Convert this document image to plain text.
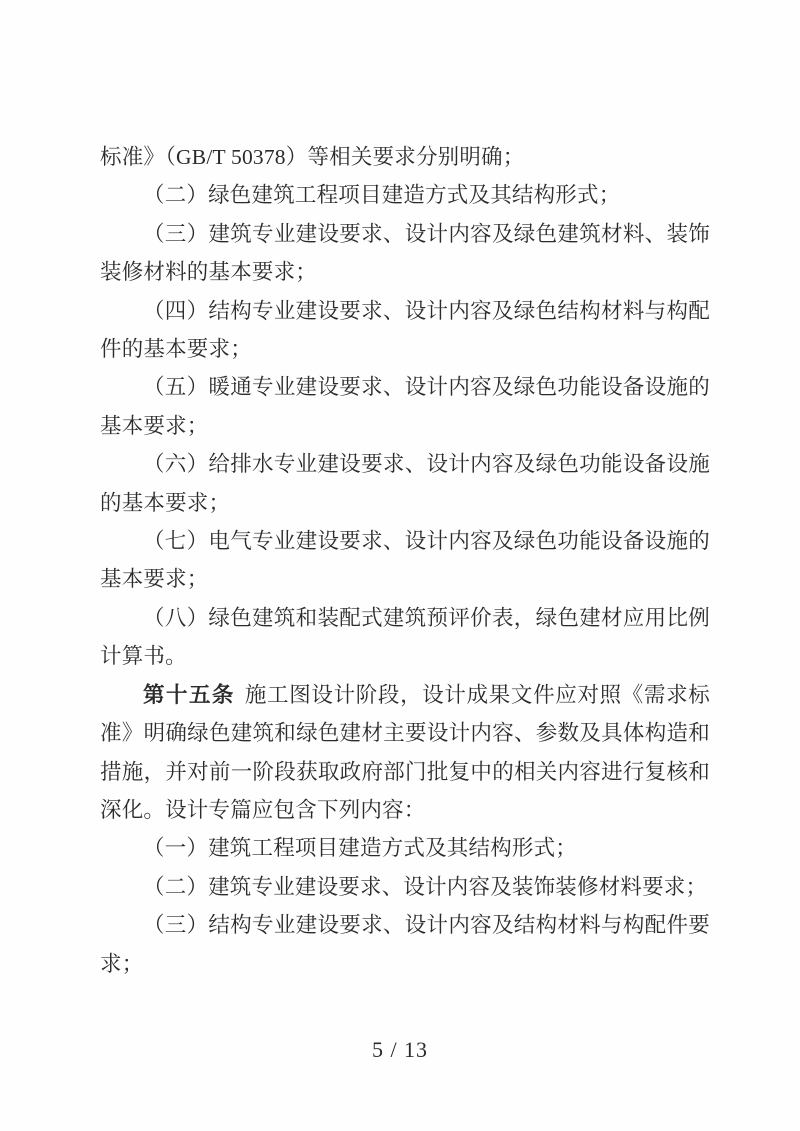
标准》（GB/T 50378）等相关要求分别明确；
（二）绿色建筑工程项目建造方式及其结构形式；
（三）建筑专业建设要求、设计内容及绿色建筑材料、装饰
装修材料的基本要求；
（四）结构专业建设要求、设计内容及绿色结构材料与构配
件的基本要求；
（五）暖通专业建设要求、设计内容及绿色功能设备设施的
基本要求；
（六）给排水专业建设要求、设计内容及绿色功能设备设施
的基本要求；
（七）电气专业建设要求、设计内容及绿色功能设备设施的
基本要求；
（八）绿色建筑和装配式建筑预评价表，绿色建材应用比例
计算书。
第十五条 施工图设计阶段，设计成果文件应对照《需求标
准》明确绿色建筑和绿色建材主要设计内容、参数及具体构造和
措施，并对前一阶段获取政府部门批复中的相关内容进行复核和
深化。设计专篇应包含下列内容：
（一）建筑工程项目建造方式及其结构形式；
（二）建筑专业建设要求、设计内容及装饰装修材料要求；
（三）结构专业建设要求、设计内容及结构材料与构配件要
求；
5 / 13
